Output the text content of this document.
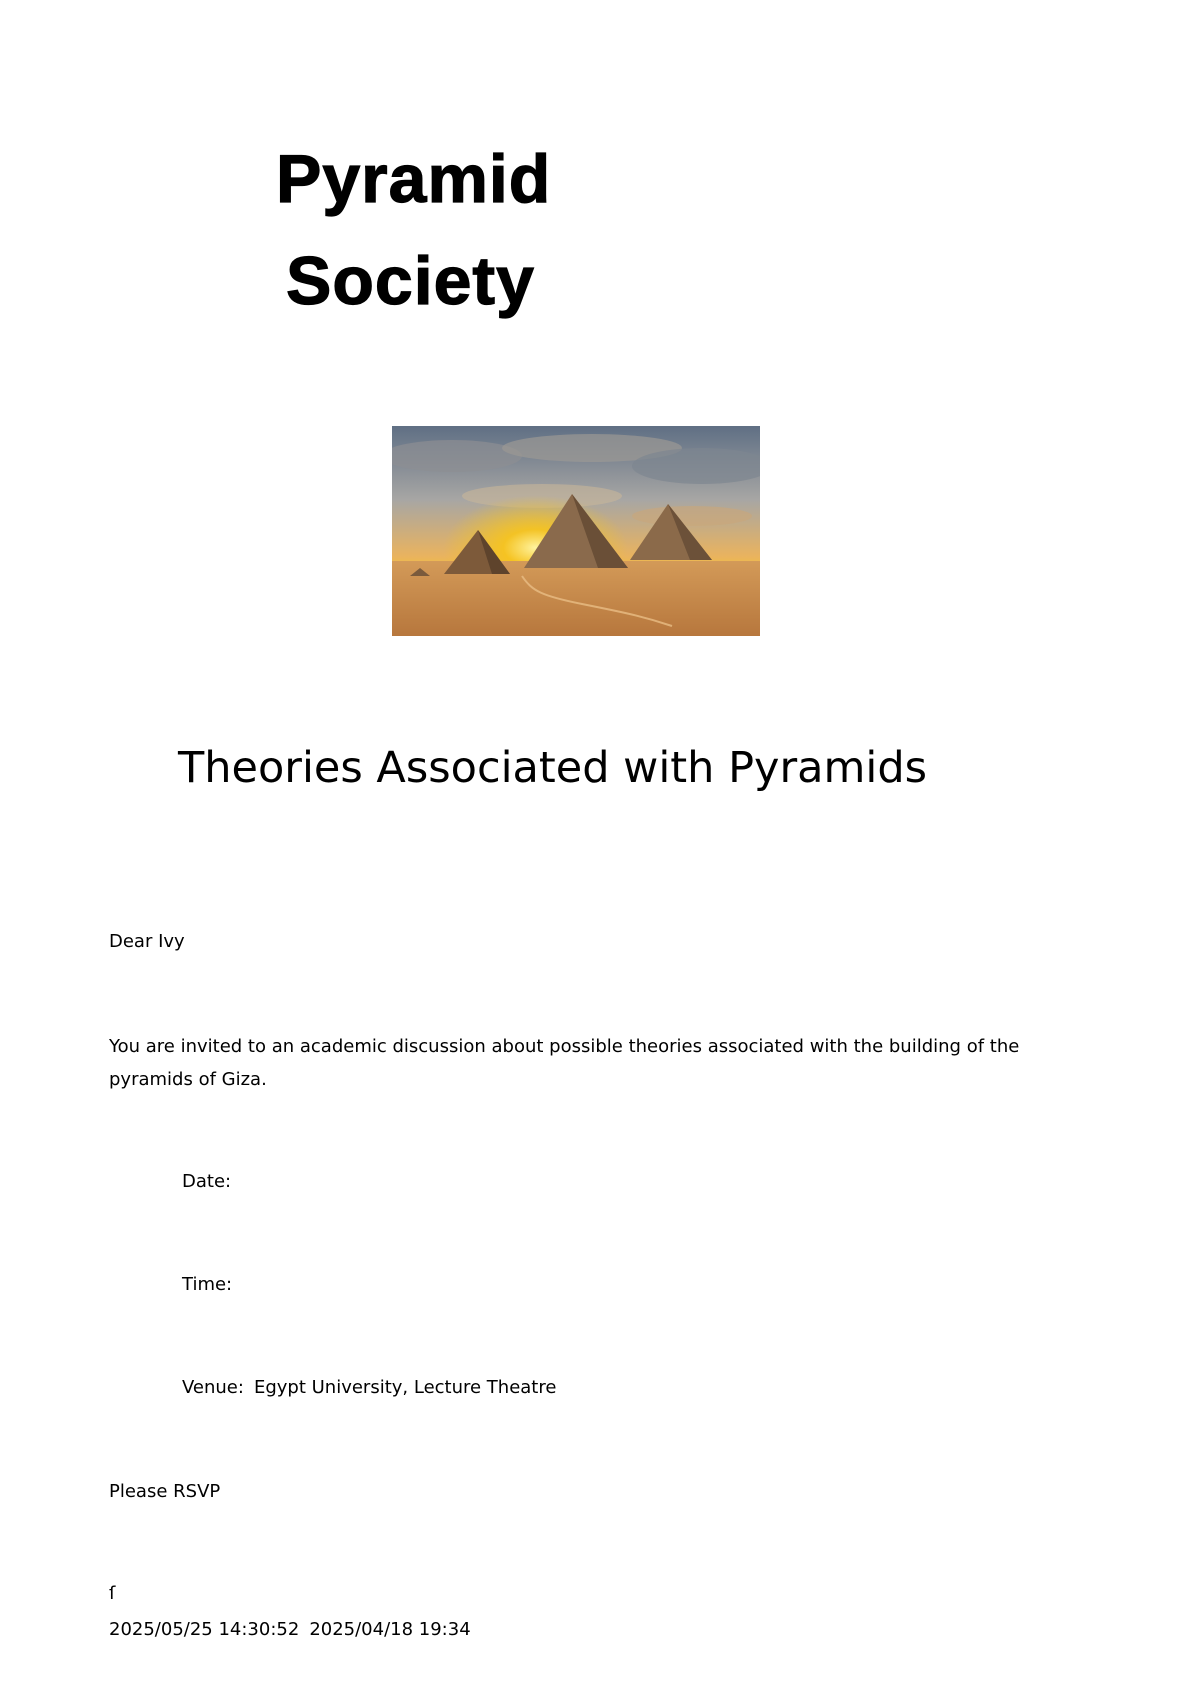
Pyramid
Society
Theories Associated with Pyramids
Dear Ivy
You are invited to an academic discussion about possible theories associated with the building of the pyramids of Giza.
Date:
Time:
Venue: Egypt University, Lecture Theatre
Please RSVP
ſ
2025/05/25 14:30:52 2025/04/18 19:34
